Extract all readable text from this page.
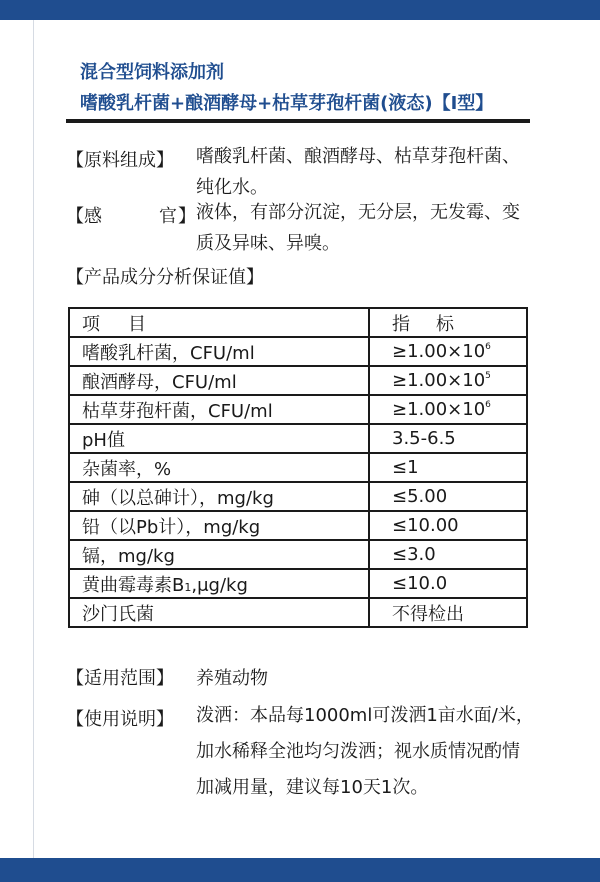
混合型饲料添加剂
嗜酸乳杆菌+酿酒酵母+枯草芽孢杆菌(液态)【Ⅰ型】
【原料组成】 嗜酸乳杆菌、酿酒酵母、枯草芽孢杆菌、纯化水。
【 感	官 】 液体，有部分沉淀，无分层，无发霉、变质及异味、异嗅。
【产品成分分析保证值】
项目	指标
嗜酸乳杆菌，CFU/ml	$\ge 1.00\times 10^6$
酿酒酵母，CFU/ml	$\ge 1.00\times 10^5$
枯草芽孢杆菌，CFU/ml	$\ge 1.00\times 10^6$
pH值	3.5-6.5
杂菌率，%	≤1
砷（以总砷计），mg/kg	≤5.00
铅（以Pb计），mg/kg	≤10.00
镉，mg/kg	≤3.0
黄曲霉毒素B1,μg/kg	≤10.0
沙门氏菌	不得检出
【适用范围】 养殖动物
【使用说明】 泼洒：本品每1000ml可泼洒1亩水面/米，加水稀释全池均匀泼洒；视水质情况酌情加减用量，建议每10天1次。
